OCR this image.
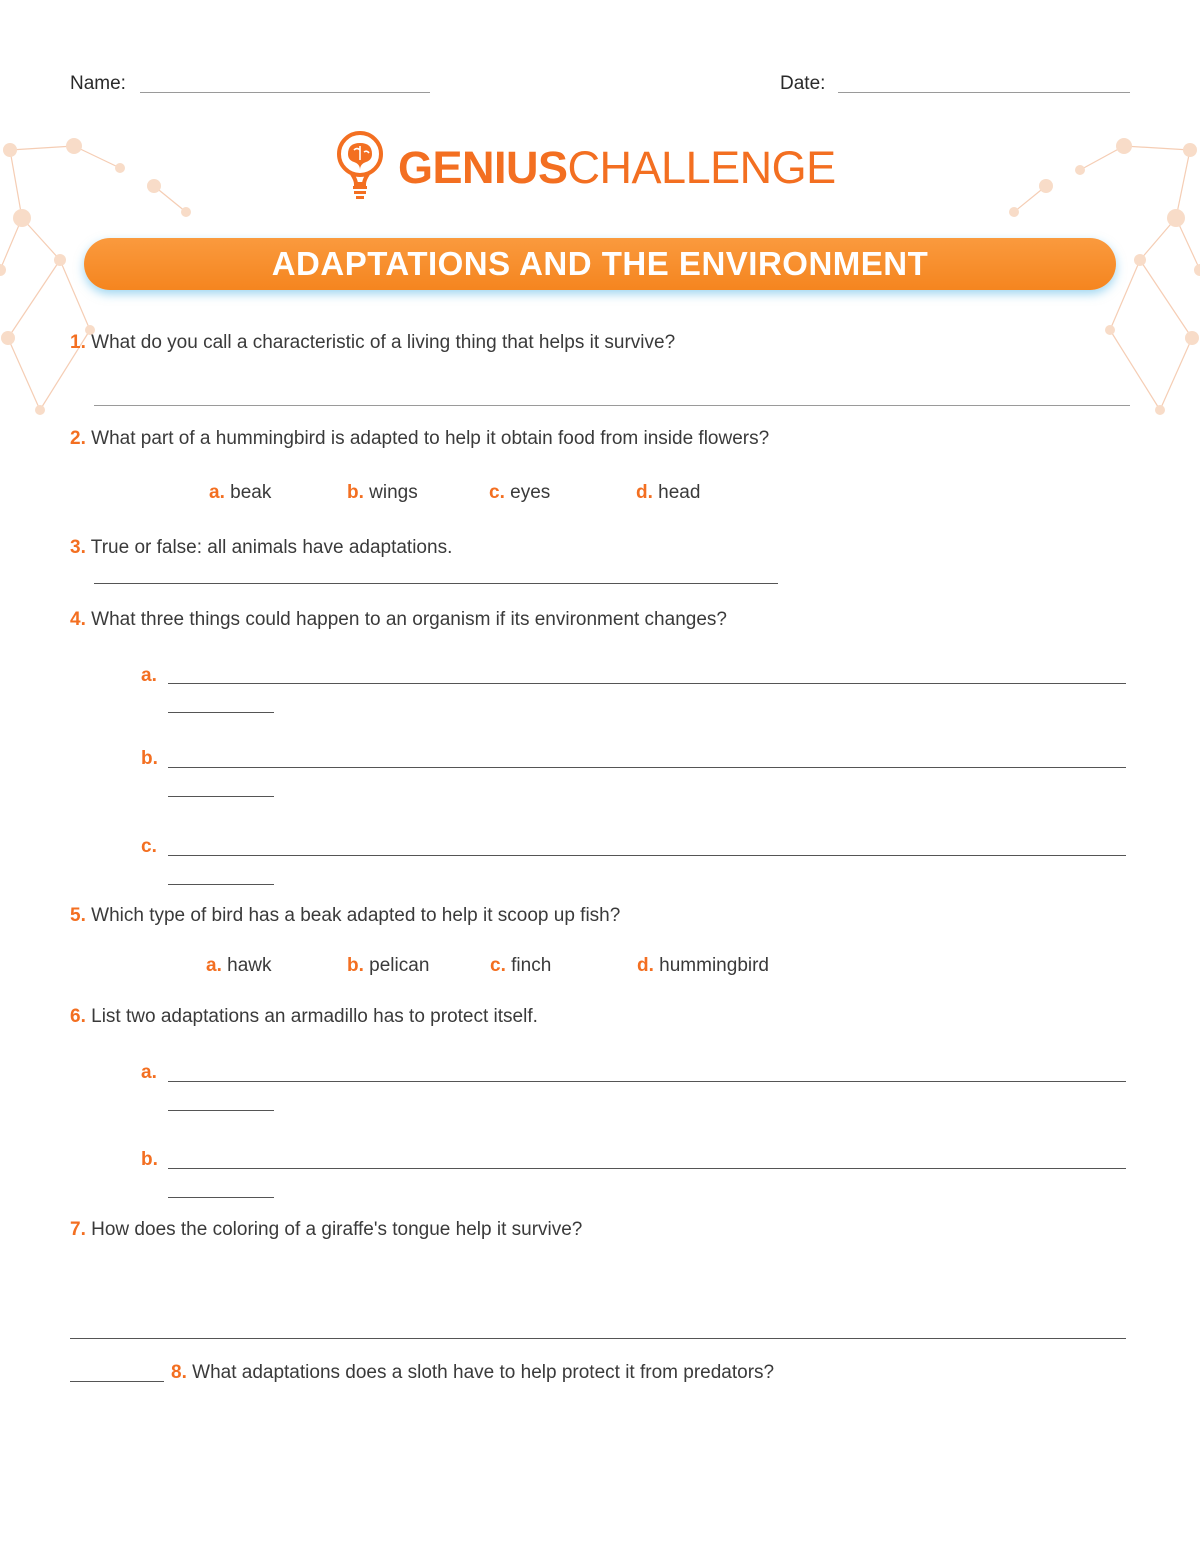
Name:	Date:
GENIUSCHALLENGE
ADAPTATIONS AND THE ENVIRONMENT
1. What do you call a characteristic of a living thing that helps it survive?
2. What part of a hummingbird is adapted to help it obtain food from inside flowers?
a. beak	b. wings	c. eyes	d. head
3. True or false: all animals have adaptations.
4. What three things could happen to an organism if its environment changes?
a.
b.
c.
5. Which type of bird has a beak adapted to help it scoop up fish?
a. hawk	b. pelican	c. finch	d. hummingbird
6. List two adaptations an armadillo has to protect itself.
a.
b.
7. How does the coloring of a giraffe's tongue help it survive?
8. What adaptations does a sloth have to help protect it from predators?
